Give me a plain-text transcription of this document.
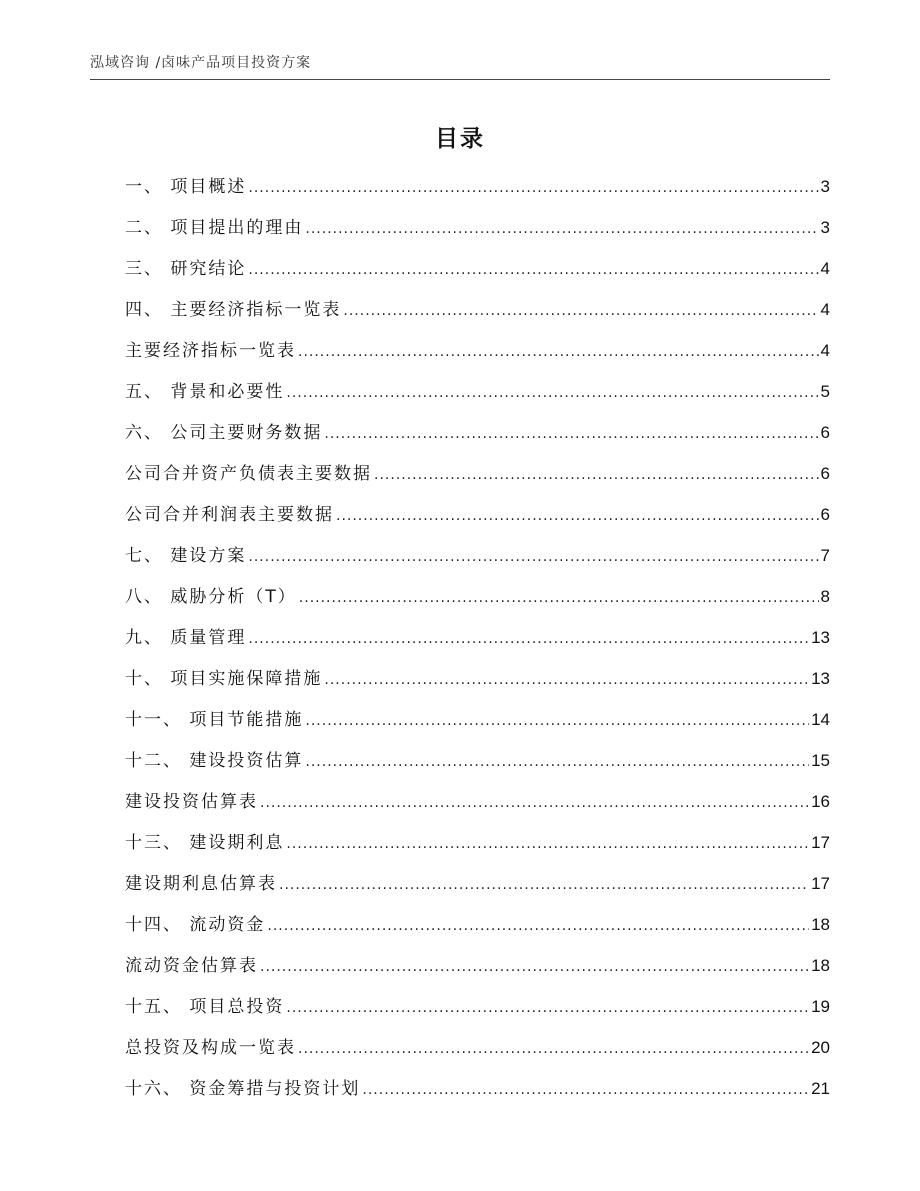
泓域咨询 /卤味产品项目投资方案
目录
一、 项目概述 .....	3
二、 项目提出的理由 .....	3
三、 研究结论 .....	4
四、 主要经济指标一览表 .....	4
主要经济指标一览表 .....	4
五、 背景和必要性 .....	5
六、 公司主要财务数据 .....	6
公司合并资产负债表主要数据 .....	6
公司合并利润表主要数据 .....	6
七、 建设方案 .....	7
八、 威胁分析（T） .....	8
九、 质量管理 .....	13
十、 项目实施保障措施 .....	13
十一、 项目节能措施 .....	14
十二、 建设投资估算 .....	15
建设投资估算表 .....	16
十三、 建设期利息 .....	17
建设期利息估算表 .....	17
十四、 流动资金 .....	18
流动资金估算表 .....	18
十五、 项目总投资 .....	19
总投资及构成一览表 .....	20
十六、 资金筹措与投资计划 .....	21
